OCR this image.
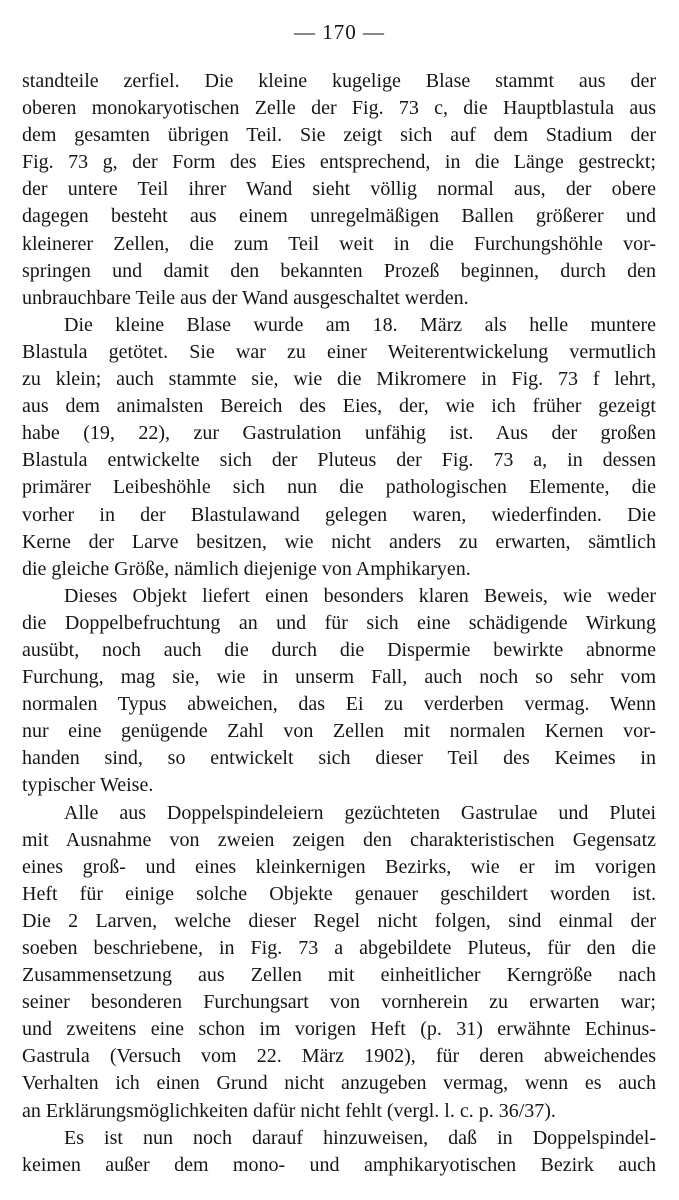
— 170 —
standteile zerfiel. Die kleine kugelige Blase stammt aus der
oberen monokaryotischen Zelle der Fig. 73 c, die Hauptblastula aus
dem gesamten übrigen Teil. Sie zeigt sich auf dem Stadium der
Fig. 73 g, der Form des Eies entsprechend, in die Länge gestreckt;
der untere Teil ihrer Wand sieht völlig normal aus, der obere
dagegen besteht aus einem unregelmäßigen Ballen größerer und
kleinerer Zellen, die zum Teil weit in die Furchungshöhle vor-
springen und damit den bekannten Prozeß beginnen, durch den
unbrauchbare Teile aus der Wand ausgeschaltet werden.
Die kleine Blase wurde am 18. März als helle muntere
Blastula getötet. Sie war zu einer Weiterentwickelung vermutlich
zu klein; auch stammte sie, wie die Mikromere in Fig. 73 f lehrt,
aus dem animalsten Bereich des Eies, der, wie ich früher gezeigt
habe (19, 22), zur Gastrulation unfähig ist. Aus der großen
Blastula entwickelte sich der Pluteus der Fig. 73 a, in dessen
primärer Leibeshöhle sich nun die pathologischen Elemente, die
vorher in der Blastulawand gelegen waren, wiederfinden. Die
Kerne der Larve besitzen, wie nicht anders zu erwarten, sämtlich
die gleiche Größe, nämlich diejenige von Amphikaryen.
Dieses Objekt liefert einen besonders klaren Beweis, wie weder
die Doppelbefruchtung an und für sich eine schädigende Wirkung
ausübt, noch auch die durch die Dispermie bewirkte abnorme
Furchung, mag sie, wie in unserm Fall, auch noch so sehr vom
normalen Typus abweichen, das Ei zu verderben vermag. Wenn
nur eine genügende Zahl von Zellen mit normalen Kernen vor-
handen sind, so entwickelt sich dieser Teil des Keimes in
typischer Weise.
Alle aus Doppelspindeleiern gezüchteten Gastrulae und Plutei
mit Ausnahme von zweien zeigen den charakteristischen Gegensatz
eines groß- und eines kleinkernigen Bezirks, wie er im vorigen
Heft für einige solche Objekte genauer geschildert worden ist.
Die 2 Larven, welche dieser Regel nicht folgen, sind einmal der
soeben beschriebene, in Fig. 73 a abgebildete Pluteus, für den die
Zusammensetzung aus Zellen mit einheitlicher Kerngröße nach
seiner besonderen Furchungsart von vornherein zu erwarten war;
und zweitens eine schon im vorigen Heft (p. 31) erwähnte Echinus-
Gastrula (Versuch vom 22. März 1902), für deren abweichendes
Verhalten ich einen Grund nicht anzugeben vermag, wenn es auch
an Erklärungsmöglichkeiten dafür nicht fehlt (vergl. l. c. p. 36/37).
Es ist nun noch darauf hinzuweisen, daß in Doppelspindel-
keimen außer dem mono- und amphikaryotischen Bezirk auch
